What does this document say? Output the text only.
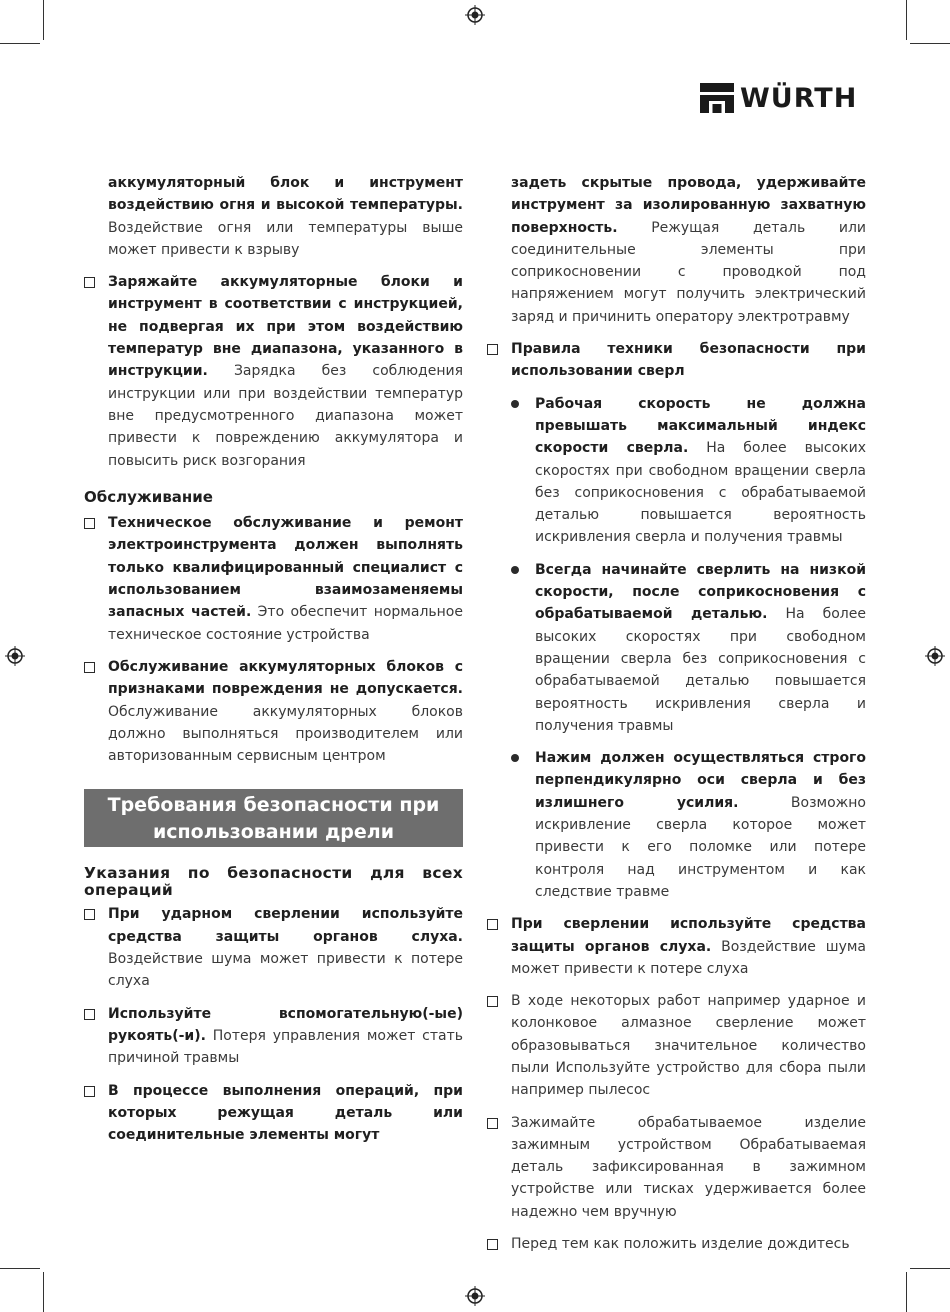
WÜRTH

аккумуляторный блок и инструмент воздействию огня и высокой температуры. Воздействие огня или температуры выше может привести к взрыву

Заряжайте аккумуляторные блоки и инструмент в соответствии с инструкцией, не подвергая их при этом воздействию температур вне диапазона, указанного в инструкции. Зарядка без соблюдения инструкции или при воздействии температур вне предусмотренного диапазона может привести к повреждению аккумулятора и повысить риск возгорания
Обслуживание
Техническое обслуживание и ремонт электроинструмента должен выполнять только квалифицированный специалист с использованием взаимозаменяемы запасных частей. Это обеспечит нормальное техническое состояние устройства
Обслуживание аккумуляторных блоков с признаками повреждения не допускается. Обслуживание аккумуляторных блоков должно выполняться производителем или авторизованным сервисным центром
Требования безопасности при
использовании дрели
Указания по безопасности для всех операций
При ударном сверлении используйте средства защиты органов слуха. Воздействие шума может привести к потере слуха
Используйте вспомогательную(-ые) рукоять(-и). Потеря управления может стать причиной травмы
В процессе выполнения операций, при которых режущая деталь или соединительные элементы могут

задеть скрытые провода, удерживайте инструмент за изолированную захватную поверхность. Режущая деталь или соединительные элементы при соприкосновении с проводкой под напряжением могут получить электрический заряд и причинить оператору электротравму

Правила техники безопасности при использовании сверл
Рабочая скорость не должна превышать максимальный индекс скорости сверла. На более высоких скоростях при свободном вращении сверла без соприкосновения с обрабатываемой деталью повышается вероятность искривления сверла и получения травмы
Всегда начинайте сверлить на низкой скорости, после соприкосновения с обрабатываемой деталью. На более высоких скоростях при свободном вращении сверла без соприкосновения с обрабатываемой деталью повышается вероятность искривления сверла и получения травмы
Нажим должен осуществляться строго перпендикулярно оси сверла и без излишнего усилия. Возможно искривление сверла которое может привести к его поломке или потере контроля над инструментом и как следствие травме
При сверлении используйте средства защиты органов слуха. Воздействие шума может привести к потере слуха
В ходе некоторых работ например ударное и колонковое алмазное сверление может образовываться значительное количество пыли Используйте устройство для сбора пыли например пылесос
Зажимайте обрабатываемое изделие зажимным устройством Обрабатываемая деталь зафиксированная в зажимном устройстве или тисках удерживается более надежно чем вручную
Перед тем как положить изделие дождитесь
